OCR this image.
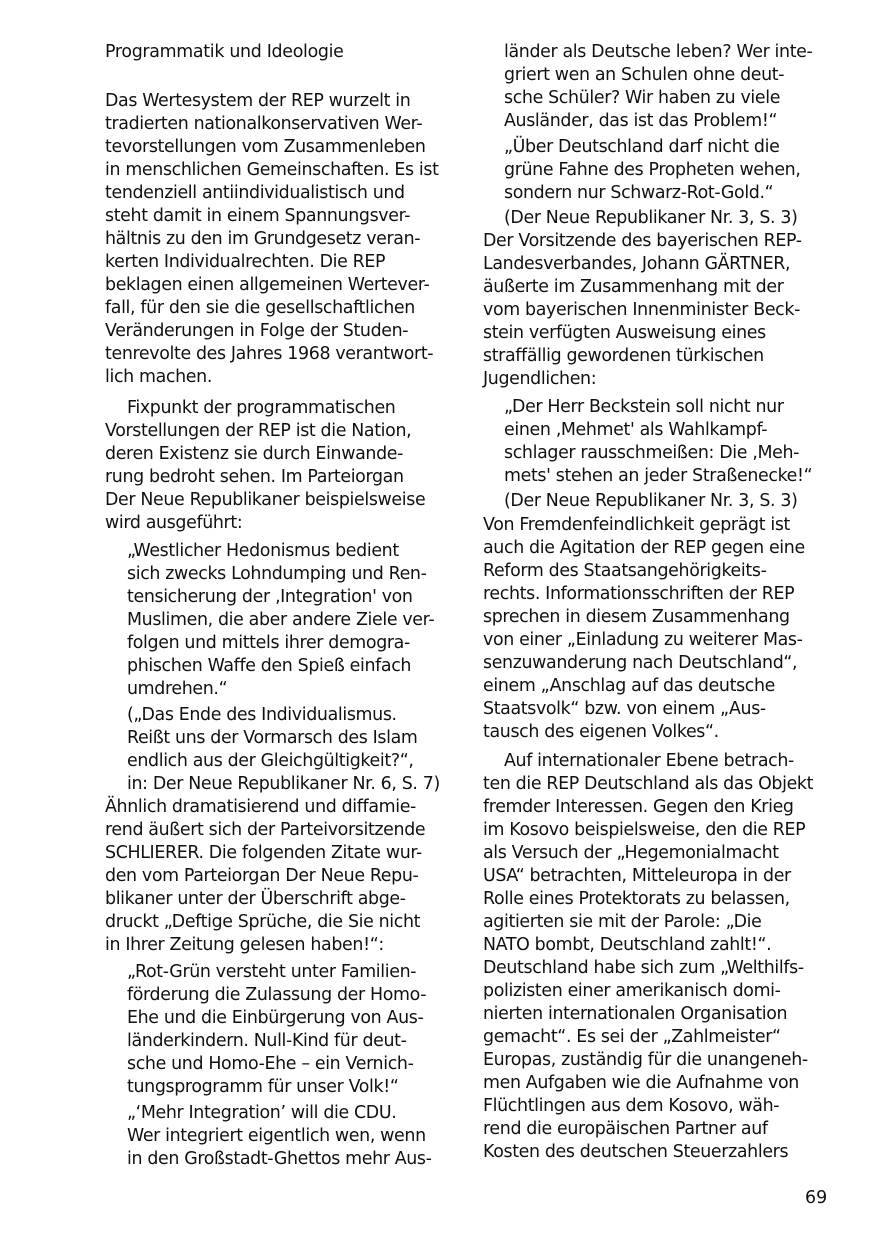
Programmatik und Ideologie
Das Wertesystem der REP wurzelt in
tradierten nationalkonservativen Wer-
tevorstellungen vom Zusammenleben
in menschlichen Gemeinschaften. Es ist
tendenziell antiindividualistisch und
steht damit in einem Spannungsver-
hältnis zu den im Grundgesetz veran-
kerten Individualrechten. Die REP
beklagen einen allgemeinen Wertever-
fall, für den sie die gesellschaftlichen
Veränderungen in Folge der Studen-
tenrevolte des Jahres 1968 verantwort-
lich machen.
Fixpunkt der programmatischen
Vorstellungen der REP ist die Nation,
deren Existenz sie durch Einwande-
rung bedroht sehen. Im Parteiorgan
Der Neue Republikaner beispielsweise
wird ausgeführt:
„Westlicher Hedonismus bedient
sich zwecks Lohndumping und Ren-
tensicherung der ‚Integration' von
Muslimen, die aber andere Ziele ver-
folgen und mittels ihrer demogra-
phischen Waffe den Spieß einfach
umdrehen.“
(„Das Ende des Individualismus.
Reißt uns der Vormarsch des Islam
endlich aus der Gleichgültigkeit?“,
in: Der Neue Republikaner Nr. 6, S. 7)
Ähnlich dramatisierend und diffamie-
rend äußert sich der Parteivorsitzende
SCHLIERER. Die folgenden Zitate wur-
den vom Parteiorgan Der Neue Repu-
blikaner unter der Überschrift abge-
druckt „Deftige Sprüche, die Sie nicht
in Ihrer Zeitung gelesen haben!“:
„Rot-Grün versteht unter Familien-
förderung die Zulassung der Homo-
Ehe und die Einbürgerung von Aus-
länderkindern. Null-Kind für deut-
sche und Homo-Ehe – ein Vernich-
tungsprogramm für unser Volk!“
„‘Mehr Integration’ will die CDU.
Wer integriert eigentlich wen, wenn
in den Großstadt-Ghettos mehr Aus-
länder als Deutsche leben? Wer inte-
griert wen an Schulen ohne deut-
sche Schüler? Wir haben zu viele
Ausländer, das ist das Problem!“
„Über Deutschland darf nicht die
grüne Fahne des Propheten wehen,
sondern nur Schwarz-Rot-Gold.“
(Der Neue Republikaner Nr. 3, S. 3)
Der Vorsitzende des bayerischen REP-
Landesverbandes, Johann GÄRTNER,
äußerte im Zusammenhang mit der
vom bayerischen Innenminister Beck-
stein verfügten Ausweisung eines
straffällig gewordenen türkischen
Jugendlichen:
„Der Herr Beckstein soll nicht nur
einen ‚Mehmet' als Wahlkampf-
schlager rausschmeißen: Die ‚Meh-
mets' stehen an jeder Straßenecke!“
(Der Neue Republikaner Nr. 3, S. 3)
Von Fremdenfeindlichkeit geprägt ist
auch die Agitation der REP gegen eine
Reform des Staatsangehörigkeits-
rechts. Informationsschriften der REP
sprechen in diesem Zusammenhang
von einer „Einladung zu weiterer Mas-
senzuwanderung nach Deutschland“,
einem „Anschlag auf das deutsche
Staatsvolk“ bzw. von einem „Aus-
tausch des eigenen Volkes“.
Auf internationaler Ebene betrach-
ten die REP Deutschland als das Objekt
fremder Interessen. Gegen den Krieg
im Kosovo beispielsweise, den die REP
als Versuch der „Hegemonialmacht
USA“ betrachten, Mitteleuropa in der
Rolle eines Protektorats zu belassen,
agitierten sie mit der Parole: „Die
NATO bombt, Deutschland zahlt!“.
Deutschland habe sich zum „Welthilfs-
polizisten einer amerikanisch domi-
nierten internationalen Organisation
gemacht“. Es sei der „Zahlmeister“
Europas, zuständig für die unangeneh-
men Aufgaben wie die Aufnahme von
Flüchtlingen aus dem Kosovo, wäh-
rend die europäischen Partner auf
Kosten des deutschen Steuerzahlers
69
